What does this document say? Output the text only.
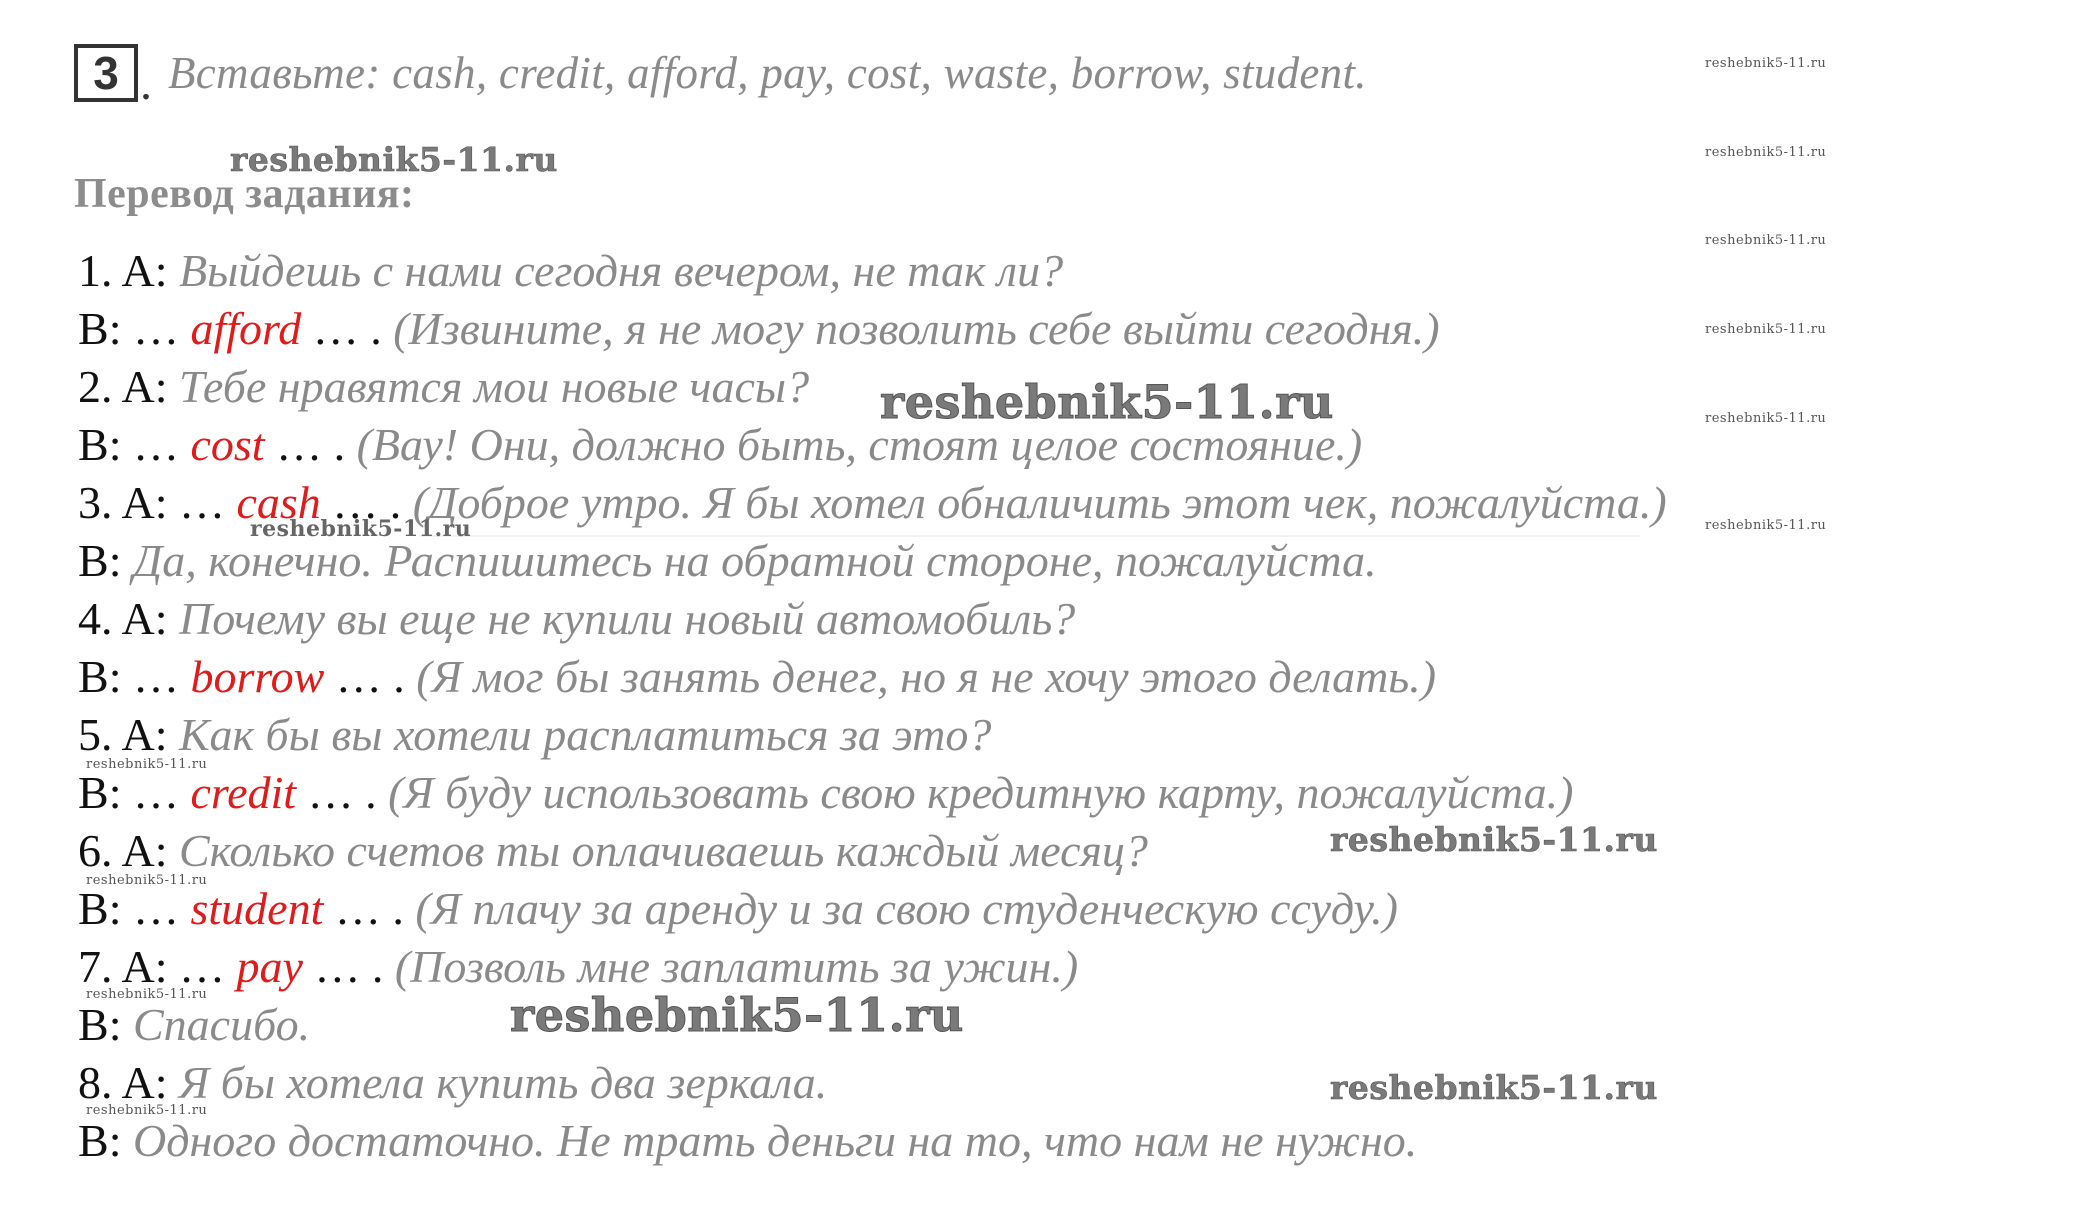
3 . Вставьте: cash, credit, afford, pay, cost, waste, borrow, student.
Перевод задания:
1. A: Выйдешь с нами сегодня вечером, не так ли?
B: … afford … . (Извините, я не могу позволить себе выйти сегодня.)
2. A: Тебе нравятся мои новые часы?
B: … cost … . (Вау! Они, должно быть, стоят целое состояние.)
3. A: … cash … . (Доброе утро. Я бы хотел обналичить этот чек, пожалуйста.)
B: Да, конечно. Распишитесь на обратной стороне, пожалуйста.
4. A: Почему вы еще не купили новый автомобиль?
B: … borrow … . (Я мог бы занять денег, но я не хочу этого делать.)
5. A: Как бы вы хотели расплатиться за это?
B: … credit … . (Я буду использовать свою кредитную карту, пожалуйста.)
6. A: Сколько счетов ты оплачиваешь каждый месяц?
B: … student … . (Я плачу за аренду и за свою студенческую ссуду.)
7. A: … pay … . (Позволь мне заплатить за ужин.)
B: Спасибо.
8. A: Я бы хотела купить два зеркала.
B: Одного достаточно. Не трать деньги на то, что нам не нужно.
reshebnik5-11.ru
reshebnik5-11.ru
reshebnik5-11.ru
reshebnik5-11.ru
reshebnik5-11.ru
reshebnik5-11.ru
reshebnik5-11.ru
reshebnik5-11.ru
reshebnik5-11.ru
reshebnik5-11.ru
reshebnik5-11.ru
reshebnik5-11.ru
reshebnik5-11.ru
reshebnik5-11.ru
reshebnik5-11.ru
reshebnik5-11.ru
